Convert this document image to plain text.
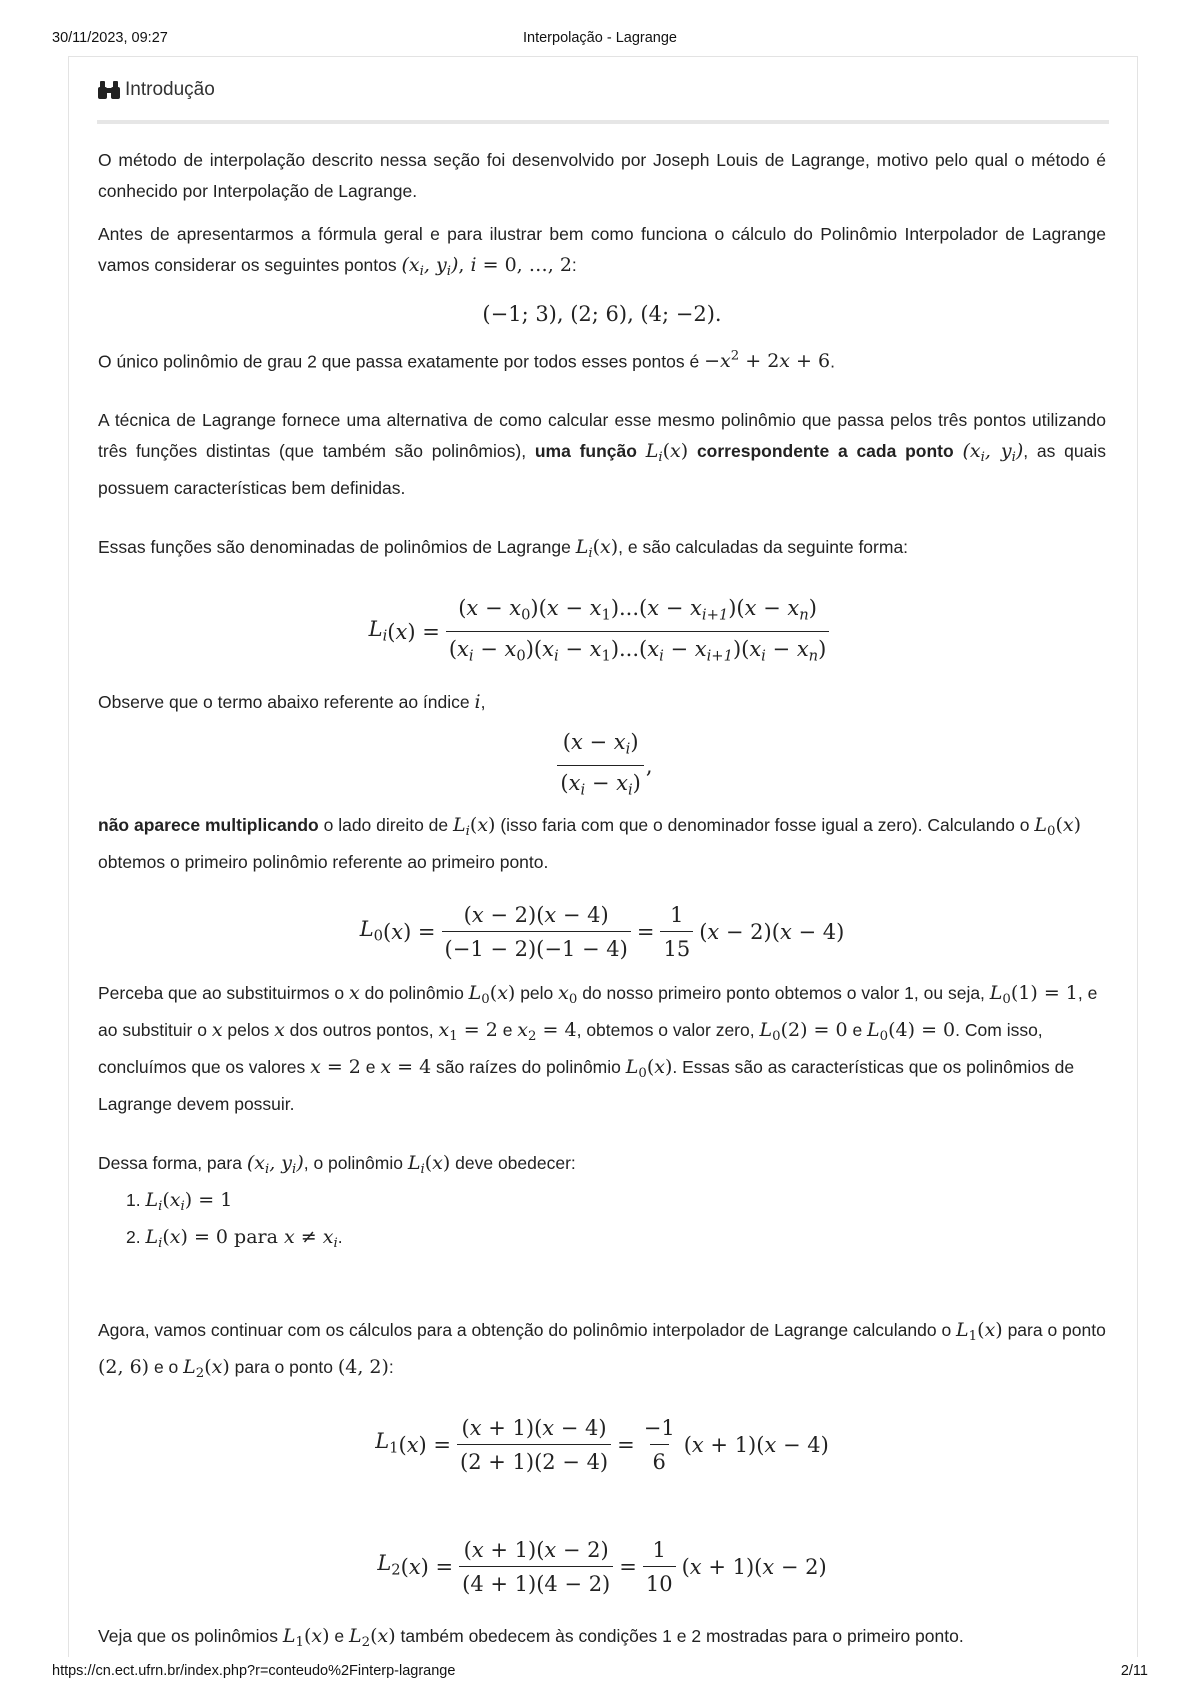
30/11/2023, 09:27	Interpolação - Lagrange
Introdução

O método de interpolação descrito nessa seção foi desenvolvido por Joseph Louis de Lagrange, motivo pelo qual o método é conhecido por Interpolação de Lagrange.

Antes de apresentarmos a fórmula geral e para ilustrar bem como funciona o cálculo do Polinômio Interpolador de Lagrange vamos considerar os seguintes pontos ($x_i$, $y_i$), i = 0, …, 2:

(−1; 3), (2; 6), (4; −2).

O único polinômio de grau 2 que passa exatamente por todos esses pontos é $-x^2 + 2x + 6$.

A técnica de Lagrange fornece uma alternativa de como calcular esse mesmo polinômio que passa pelos três pontos utilizando três funções distintas (que também são polinômios), uma função $L_i(x)$ correspondente a cada ponto ($x_i$, $y_i$), as quais possuem características bem definidas.

Essas funções são denominadas de polinômios de Lagrange $L_i(x)$, e são calculadas da seguinte forma:

$L_i$ ( x ) = $\frac{(x - x_0)(x - x_1)...(x - x_{i+1})(x - x_n)}{(x_i - x_0)(x_i - x_1)...(x_i - x_{i+1})(x_i - x_n)}$

Observe que o termo abaixo referente ao índice i,

$\frac{(x - x_i)}{(x_i - x_i)}$ ,

não aparece multiplicando o lado direito de $L_i(x)$ (isso faria com que o denominador fosse igual a zero). Calculando o $L_0(x)$ obtemos o primeiro polinômio referente ao primeiro ponto.

$L_0$ ( x ) = $\frac{(x - 2)(x - 4)}{(-1 - 2)(-1 - 4)} = \frac{1}{15} (x - 2)(x - 4)$

Perceba que ao substituirmos o x do polinômio $L_0(x)$ pelo $x_0$ do nosso primeiro ponto obtemos o valor 1, ou seja, $L_0(1) = 1$, e ao substituir o x pelos x dos outros pontos, $x_1 = 2$ e $x_2 = 4$, obtemos o valor zero, $L_0(2) = 0$ e $L_0(4) = 0$. Com isso, concluímos que os valores x = 2 e x = 4 são raízes do polinômio $L_0(x)$. Essas são as características que os polinômios de Lagrange devem possuir.

Dessa forma, para ($x_i$, $y_i$), o polinômio $L_i(x)$ deve obedecer:

1. $L_i(x_i) = 1$
2. $L_i(x) = 0$ para $x \ne x_i$.

Agora, vamos continuar com os cálculos para a obtenção do polinômio interpolador de Lagrange calculando o $L_1(x)$ para o ponto (2, 6) e o $L_2(x)$ para o ponto (4, 2):

$L_1$ ( x ) = $\frac{(x + 1)(x - 4)}{(2 + 1)(2 - 4)} = \frac{-1}{6} (x + 1)(x - 4)$
$L_2$ ( x ) = $\frac{(x + 1)(x - 2)}{(4 + 1)(4 - 2)} = \frac{1}{10} (x + 1)(x - 2)$

Veja que os polinômios $L_1(x)$ e $L_2(x)$ também obedecem às condições 1 e 2 mostradas para o primeiro ponto.

https://cn.ect.ufrn.br/index.php?r=conteudo%2Finterp-lagrange	2/11
